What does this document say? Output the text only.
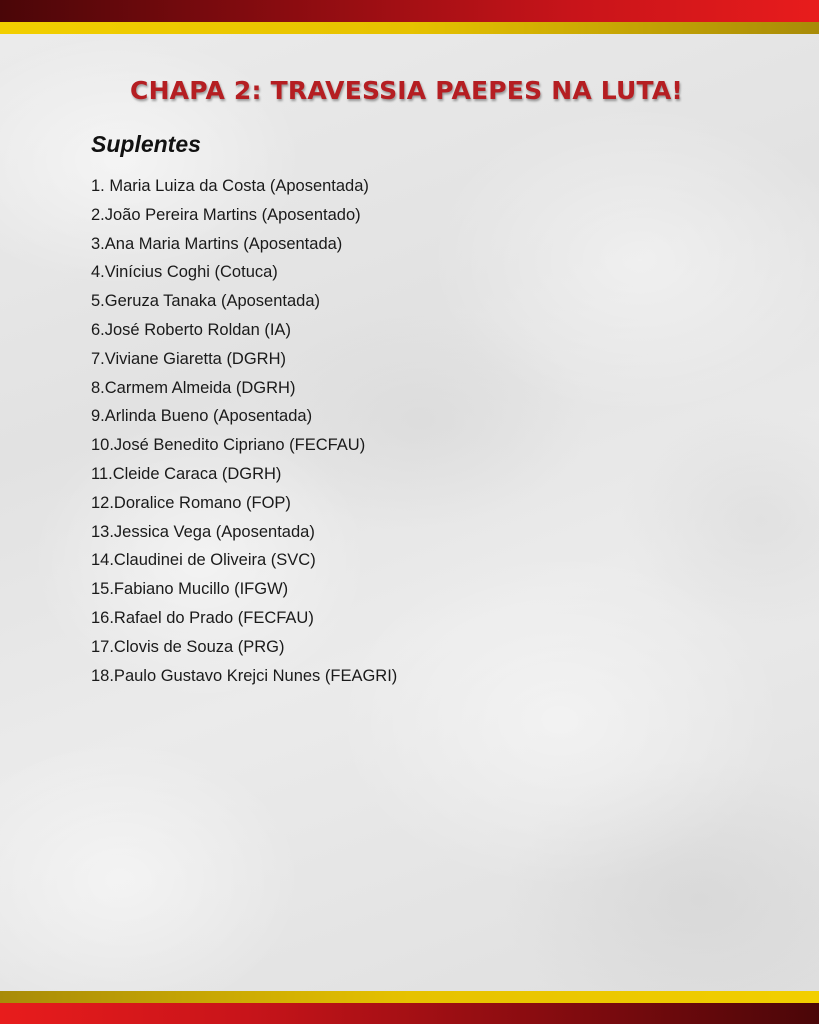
CHAPA 2: TRAVESSIA PAEPES NA LUTA!
Suplentes
1. Maria Luiza da Costa (Aposentada)
2.João Pereira Martins (Aposentado)
3.Ana Maria Martins (Aposentada)
4.Vinícius Coghi (Cotuca)
5.Geruza Tanaka (Aposentada)
6.José Roberto Roldan (IA)
7.Viviane Giaretta (DGRH)
8.Carmem Almeida (DGRH)
9.Arlinda Bueno (Aposentada)
10.José Benedito Cipriano (FECFAU)
11.Cleide Caraca (DGRH)
12.Doralice Romano (FOP)
13.Jessica Vega (Aposentada)
14.Claudinei de Oliveira (SVC)
15.Fabiano Mucillo (IFGW)
16.Rafael do Prado (FECFAU)
17.Clovis de Souza (PRG)
18.Paulo Gustavo Krejci Nunes (FEAGRI)
